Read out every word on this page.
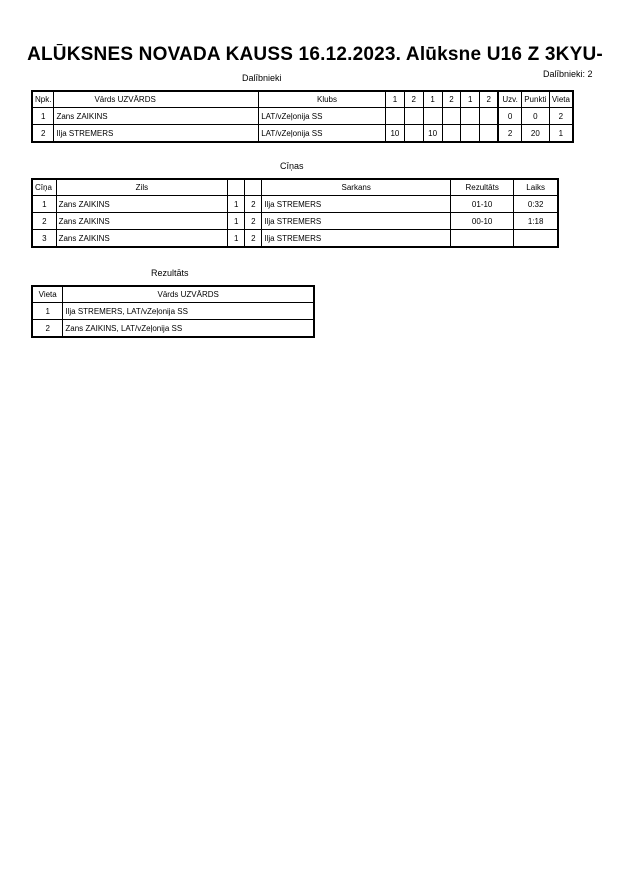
ALŪKSNES NOVADA KAUSS 16.12.2023. Alūksne U16 Z 3KYU-
Dalībnieki	Dalībnieki: 2
Npk.	Vārds UZVĀRDS	Klubs	1	2	1	2	1	2	Uzv.	Punkti	Vieta
1	Zans ZAIKINS	LAT/vZeļonija SS							0	0	2
2	Ilja STREMERS	LAT/vZeļonija SS	10		10				2	20	1
Cīņas
Cīņa	Zils			Sarkans	Rezultāts	Laiks
1	Zans ZAIKINS	1	2	Ilja STREMERS	01-10	0:32
2	Zans ZAIKINS	1	2	Ilja STREMERS	00-10	1:18
3	Zans ZAIKINS	1	2	Ilja STREMERS		
Rezultāts
Vieta	Vārds UZVĀRDS
1	Ilja STREMERS, LAT/vZeļonija SS
2	Zans ZAIKINS, LAT/vZeļonija SS
